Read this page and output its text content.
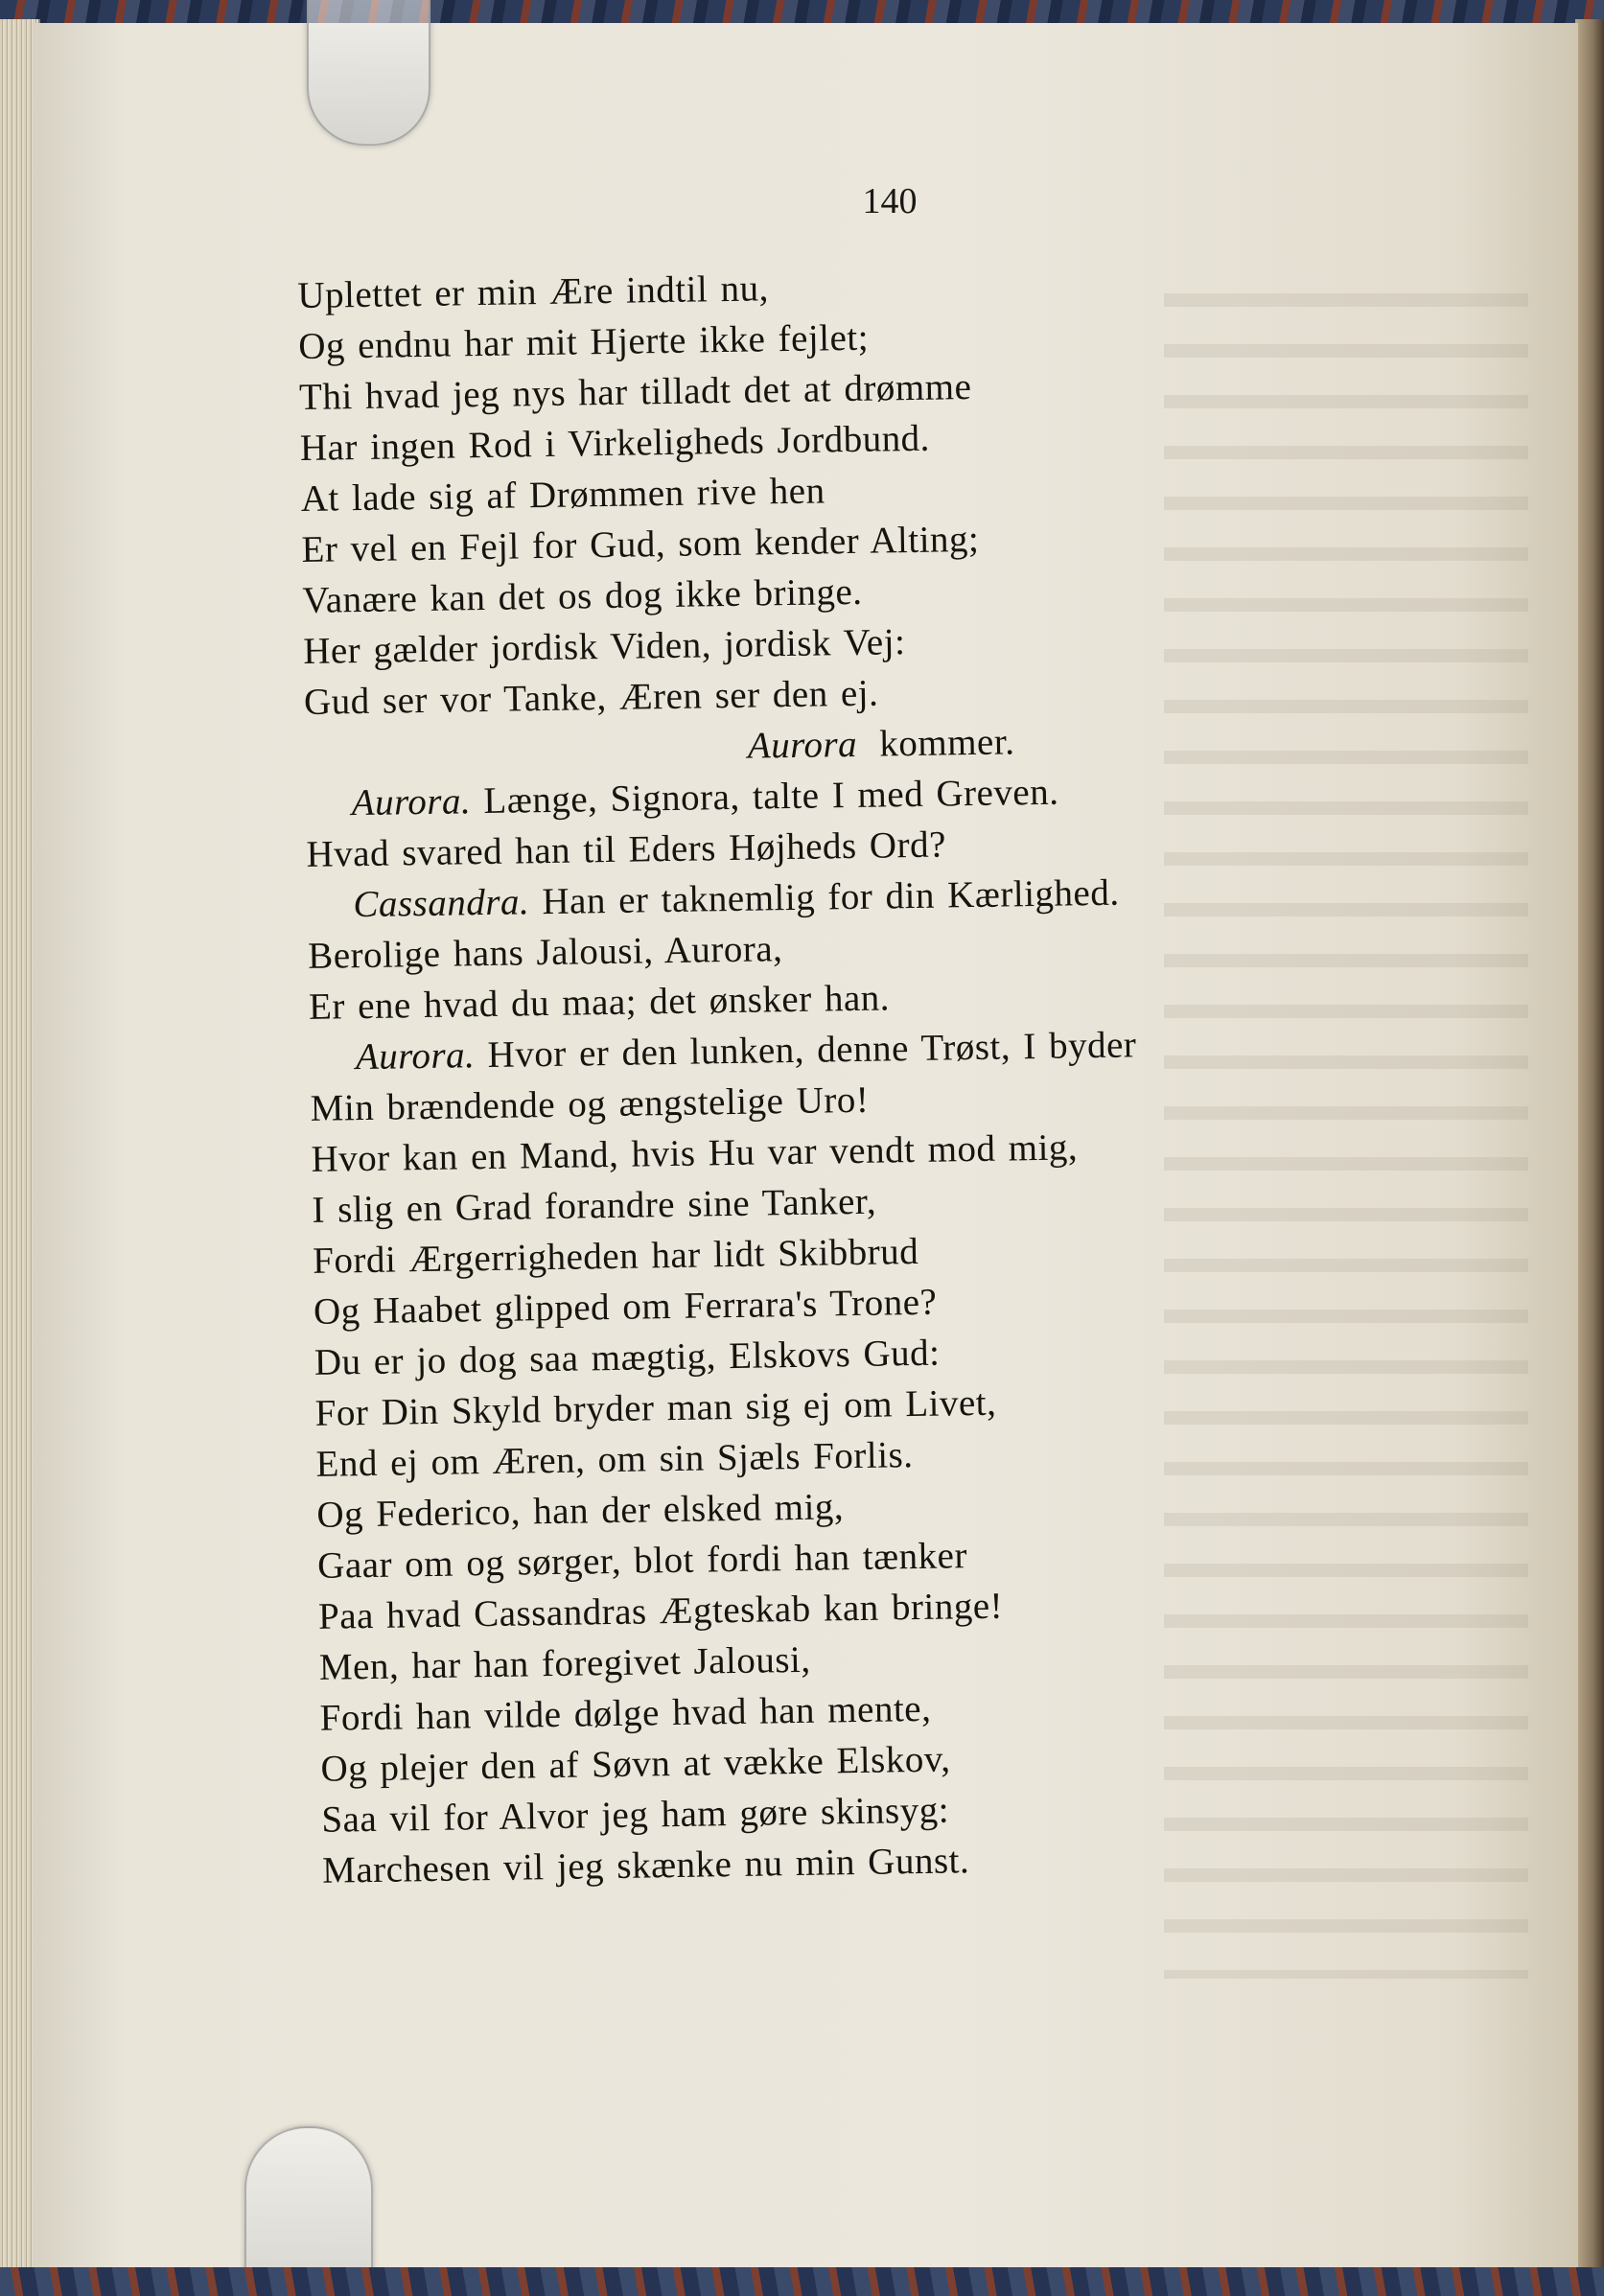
140
Uplettet er min Ære indtil nu,
Og endnu har mit Hjerte ikke fejlet;
Thi hvad jeg nys har tilladt det at drømme
Har ingen Rod i Virkeligheds Jordbund.
At lade sig af Drømmen rive hen
Er vel en Fejl for Gud, som kender Alting;
Vanære kan det os dog ikke bringe.
Her gælder jordisk Viden, jordisk Vej:
Gud ser vor Tanke, Æren ser den ej.
Aurora kommer.
Aurora. Længe, Signora, talte I med Greven.
Hvad svared han til Eders Højheds Ord?
Cassandra. Han er taknemlig for din Kærlighed.
Berolige hans Jalousi, Aurora,
Er ene hvad du maa; det ønsker han.
Aurora. Hvor er den lunken, denne Trøst, I byder
Min brændende og ængstelige Uro!
Hvor kan en Mand, hvis Hu var vendt mod mig,
I slig en Grad forandre sine Tanker,
Fordi Ærgerrigheden har lidt Skibbrud
Og Haabet glipped om Ferrara's Trone?
Du er jo dog saa mægtig, Elskovs Gud:
For Din Skyld bryder man sig ej om Livet,
End ej om Æren, om sin Sjæls Forlis.
Og Federico, han der elsked mig,
Gaar om og sørger, blot fordi han tænker
Paa hvad Cassandras Ægteskab kan bringe!
Men, har han foregivet Jalousi,
Fordi han vilde dølge hvad han mente,
Og plejer den af Søvn at vække Elskov,
Saa vil for Alvor jeg ham gøre skinsyg:
Marchesen vil jeg skænke nu min Gunst.
